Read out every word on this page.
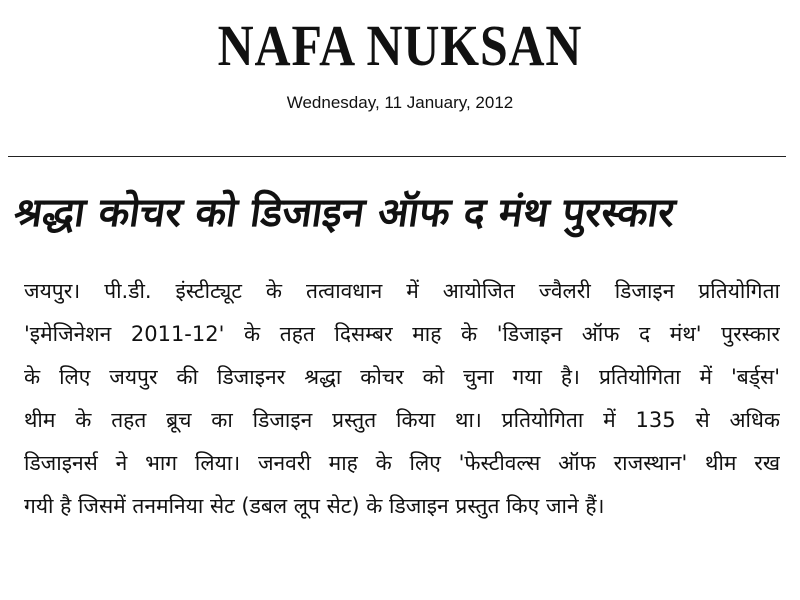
NAFA NUKSAN
Wednesday, 11 January, 2012
श्रद्धा कोचर को डिजाइन ऑफ द मंथ पुरस्कार
जयपुर। पी.डी. इंस्टीट्यूट के तत्वावधान में आयोजित ज्वैलरी डिजाइन प्रतियोगिता
'इमेजिनेशन 2011-12' के तहत दिसम्बर माह के 'डिजाइन ऑफ द मंथ' पुरस्कार
के लिए जयपुर की डिजाइनर श्रद्धा कोचर को चुना गया है। प्रतियोगिता में 'बर्ड्स'
थीम के तहत ब्रूच का डिजाइन प्रस्तुत किया था। प्रतियोगिता में 135 से अधिक
डिजाइनर्स ने भाग लिया। जनवरी माह के लिए 'फेस्टीवल्स ऑफ राजस्थान' थीम रख
गयी है जिसमें तनमनिया सेट (डबल लूप सेट) के डिजाइन प्रस्तुत किए जाने हैं।
